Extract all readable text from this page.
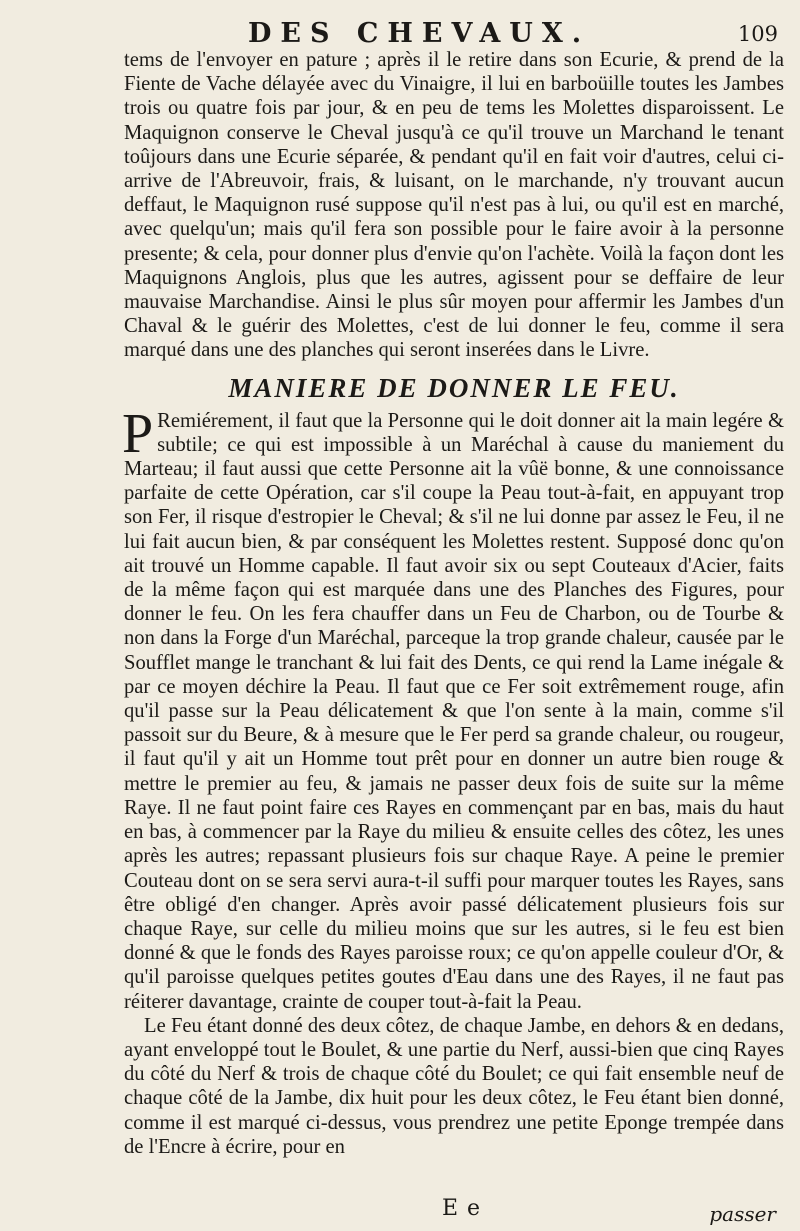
DES CHEVAUX.	109

tems de l'envoyer en pature ; après il le retire dans son Ecurie, & prend de la Fiente de Vache délayée avec du Vinaigre, il lui en barboüille toutes les Jambes trois ou quatre fois par jour, & en peu de tems les Molettes disparoissent. Le Maquignon conserve le Cheval jusqu'à ce qu'il trouve un Marchand le tenant toûjours dans une Ecurie séparée, & pendant qu'il en fait voir d'autres, celui ci-arrive de l'Abreuvoir, frais, & luisant, on le marchande, n'y trouvant aucun deffaut, le Maquignon rusé suppose qu'il n'est pas à lui, ou qu'il est en marché, avec quelqu'un; mais qu'il fera son possible pour le faire avoir à la personne presente; & cela, pour donner plus d'envie qu'on l'achète. Voilà la façon dont les Maquignons Anglois, plus que les autres, agissent pour se deffaire de leur mauvaise Marchandise. Ainsi le plus sûr moyen pour affermir les Jambes d'un Chaval & le guérir des Molettes, c'est de lui donner le feu, comme il sera marqué dans une des planches qui seront inserées dans le Livre.

MANIERE DE DONNER LE FEU.

P Remiérement, il faut que la Personne qui le doit donner ait la main legére & subtile; ce qui est impossible à un Maréchal à cause du maniement du Marteau; il faut aussi que cette Personne ait la vûë bonne, & une connoissance parfaite de cette Opération, car s'il coupe la Peau tout-à-fait, en appuyant trop son Fer, il risque d'estropier le Cheval; & s'il ne lui donne par assez le Feu, il ne lui fait aucun bien, & par conséquent les Molettes restent. Supposé donc qu'on ait trouvé un Homme capable. Il faut avoir six ou sept Couteaux d'Acier, faits de la même façon qui est marquée dans une des Planches des Figures, pour donner le feu. On les fera chauffer dans un Feu de Charbon, ou de Tourbe & non dans la Forge d'un Maréchal, parceque la trop grande chaleur, causée par le Soufflet mange le tranchant & lui fait des Dents, ce qui rend la Lame inégale & par ce moyen déchire la Peau. Il faut que ce Fer soit extrêmement rouge, afin qu'il passe sur la Peau délicatement & que l'on sente à la main, comme s'il passoit sur du Beure, & à mesure que le Fer perd sa grande chaleur, ou rougeur, il faut qu'il y ait un Homme tout prêt pour en donner un autre bien rouge & mettre le premier au feu, & jamais ne passer deux fois de suite sur la même Raye. Il ne faut point faire ces Rayes en commençant par en bas, mais du haut en bas, à commencer par la Raye du milieu & ensuite celles des côtez, les unes après les autres; repassant plusieurs fois sur chaque Raye. A peine le premier Couteau dont on se sera servi aura-t-il suffi pour marquer toutes les Rayes, sans être obligé d'en changer. Après avoir passé délicatement plusieurs fois sur chaque Raye, sur celle du milieu moins que sur les autres, si le feu est bien donné & que le fonds des Rayes paroisse roux; ce qu'on appelle couleur d'Or, & qu'il paroisse quelques petites goutes d'Eau dans une des Rayes, il ne faut pas réiterer davantage, crainte de couper tout-à-fait la Peau.

Le Feu étant donné des deux côtez, de chaque Jambe, en dehors & en dedans, ayant enveloppé tout le Boulet, & une partie du Nerf, aussi-bien que cinq Rayes du côté du Nerf & trois de chaque côté du Boulet; ce qui fait ensemble neuf de chaque côté de la Jambe, dix huit pour les deux côtez, le Feu étant bien donné, comme il est marqué ci-dessus, vous prendrez une petite Eponge trempée dans de l'Encre à écrire, pour en

E e	passer
